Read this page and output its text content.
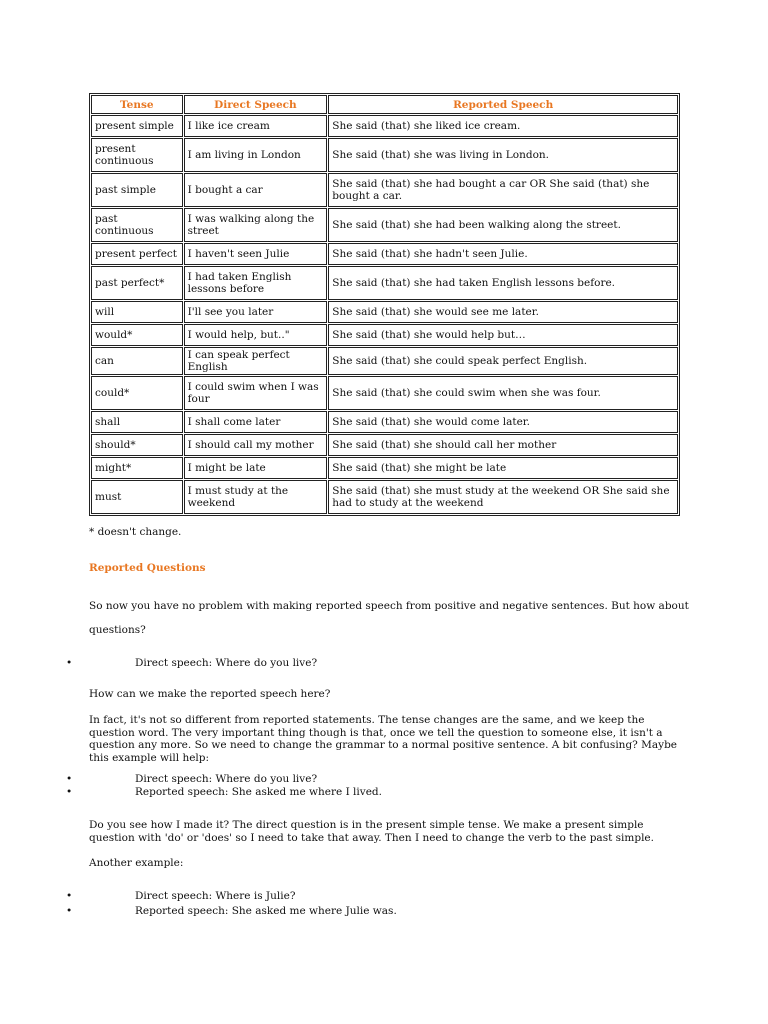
Tense	Direct Speech	Reported Speech
present simple	I like ice cream	She said (that) she liked ice cream.
present continuous	I am living in London	She said (that) she was living in London.
past simple	I bought a car	She said (that) she had bought a car OR She said (that) she bought a car.
past continuous	I was walking along the street	She said (that) she had been walking along the street.
present perfect	I haven't seen Julie	She said (that) she hadn't seen Julie.
past perfect*	I had taken English lessons before	She said (that) she had taken English lessons before.
will	I'll see you later	She said (that) she would see me later.
would*	I would help, but.."	She said (that) she would help but…
can	I can speak perfect English	She said (that) she could speak perfect English.
could*	I could swim when I was four	She said (that) she could swim when she was four.
shall	I shall come later	She said (that) she would come later.
should*	I should call my mother	She said (that) she should call her mother
might*	I might be late	She said (that) she might be late
must	I must study at the weekend	She said (that) she must study at the weekend OR She said she had to study at the weekend
* doesn't change.
Reported Questions
So now you have no problem with making reported speech from positive and negative sentences. But how about
questions?
•	Direct speech: Where do you live?
How can we make the reported speech here?
In fact, it's not so different from reported statements. The tense changes are the same, and we keep the question word. The very important thing though is that, once we tell the question to someone else, it isn't a question any more. So we need to change the grammar to a normal positive sentence. A bit confusing? Maybe this example will help:
•	Direct speech: Where do you live?
•	Reported speech: She asked me where I lived.
Do you see how I made it? The direct question is in the present simple tense. We make a present simple question with 'do' or 'does' so I need to take that away. Then I need to change the verb to the past simple.
Another example:
•	Direct speech: Where is Julie?
•	Reported speech: She asked me where Julie was.
